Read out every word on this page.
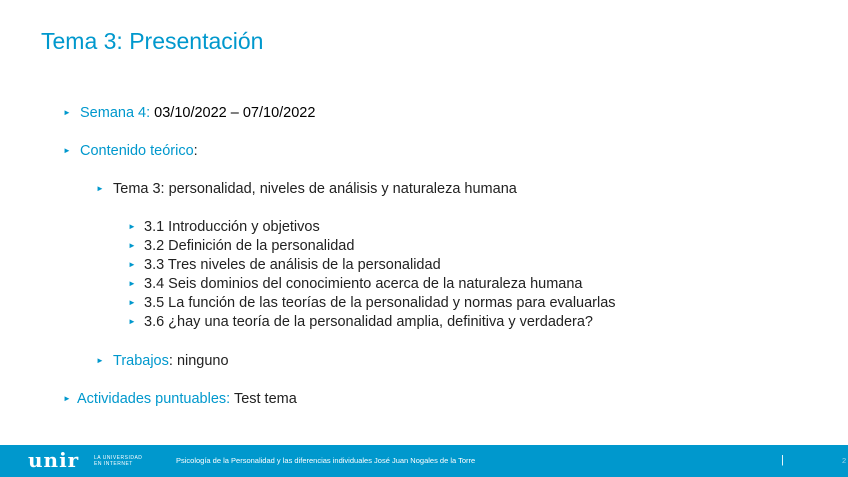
Tema 3: Presentación
► Semana 4: 03/10/2022 – 07/10/2022
► Contenido teórico:
► Tema 3: personalidad, niveles de análisis y naturaleza humana
► 3.1 Introducción y objetivos
► 3.2 Definición de la personalidad
► 3.3 Tres niveles de análisis de la personalidad
► 3.4 Seis dominios del conocimiento acerca de la naturaleza humana
► 3.5 La función de las teorías de la personalidad y normas para evaluarlas
► 3.6 ¿hay una teoría de la personalidad amplia, definitiva y verdadera?
► Trabajos: ninguno
► Actividades puntuables: Test tema
unir	LA UNIVERSIDAD
EN INTERNET	Psicología de la Personalidad y las diferencias individuales José Juan Nogales de la Torre	|	2
